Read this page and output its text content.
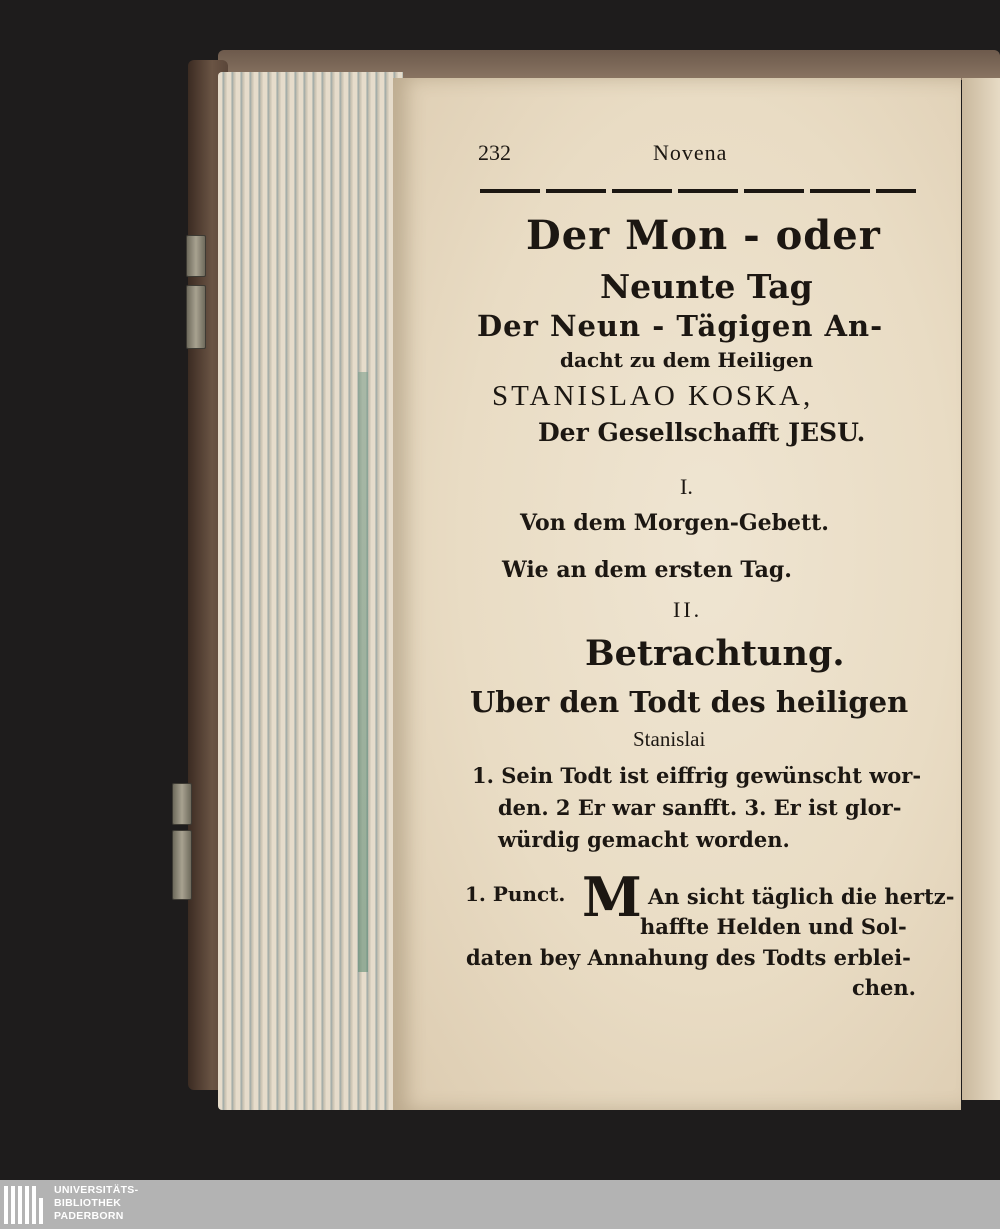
232	Novena
Der Mon - oder
Neunte Tag
Der Neun - Tägigen An-
dacht zu dem Heiligen
STANISLAO KOSKA,
Der Gesellschafft JESU.
I.
Von dem Morgen-Gebett.
Wie an dem ersten Tag.
II.
Betrachtung.
Uber den Todt des heiligen
Stanislai
1. Sein Todt ist eiffrig gewünscht wor-
den. 2 Er war sanfft. 3. Er ist glor-
würdig gemacht worden.
1. Punct. M An sicht täglich die hertz-
haffte Helden und Sol-
daten bey Annahung des Todts erblei-
chen.
UNIVERSITÄTS-
BIBLIOTHEK
PADERBORN
